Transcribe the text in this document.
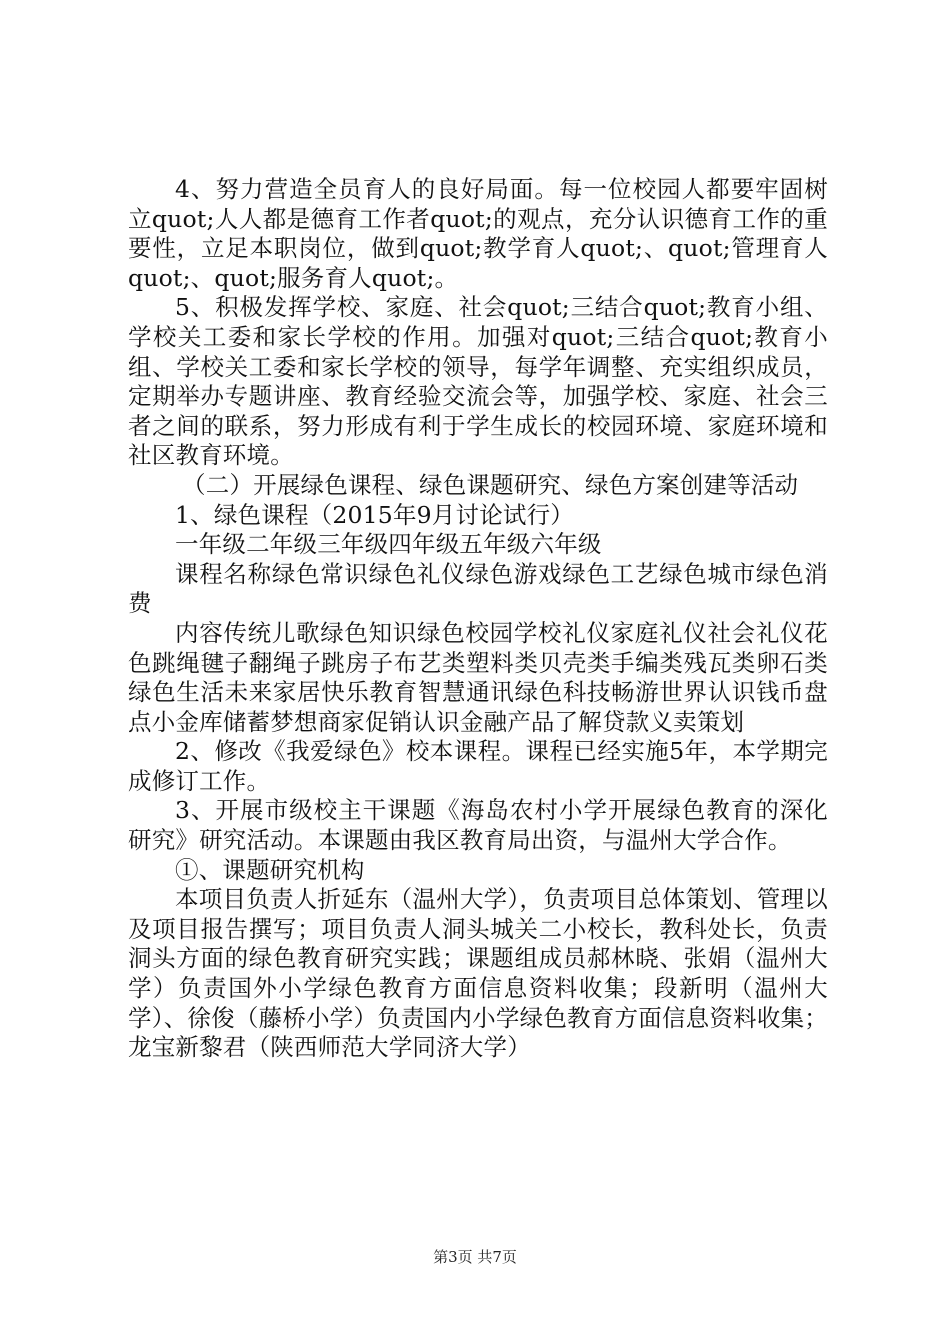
4、努力营造全员育人的良好局面。每一位校园人都要牢固树立quot;人人都是德育工作者quot;的观点，充分认识德育工作的重要性，立足本职岗位，做到quot;教学育人quot;、quot;管理育人quot;、quot;服务育人quot;。

5、积极发挥学校、家庭、社会quot;三结合quot;教育小组、学校关工委和家长学校的作用。加强对quot;三结合quot;教育小组、学校关工委和家长学校的领导，每学年调整、充实组织成员，定期举办专题讲座、教育经验交流会等，加强学校、家庭、社会三者之间的联系，努力形成有利于学生成长的校园环境、家庭环境和社区教育环境。

（二）开展绿色课程、绿色课题研究、绿色方案创建等活动

1、绿色课程（2015年9月讨论试行）

一年级二年级三年级四年级五年级六年级

课程名称绿色常识绿色礼仪绿色游戏绿色工艺绿色城市绿色消费

内容传统儿歌绿色知识绿色校园学校礼仪家庭礼仪社会礼仪花色跳绳毽子翻绳子跳房子布艺类塑料类贝壳类手编类残瓦类卵石类绿色生活未来家居快乐教育智慧通讯绿色科技畅游世界认识钱币盘点小金库储蓄梦想商家促销认识金融产品了解贷款义卖策划

2、修改《我爱绿色》校本课程。课程已经实施5年，本学期完成修订工作。

3、开展市级校主干课题《海岛农村小学开展绿色教育的深化研究》研究活动。本课题由我区教育局出资，与温州大学合作。

①、课题研究机构

本项目负责人折延东（温州大学），负责项目总体策划、管理以及项目报告撰写；项目负责人洞头城关二小校长，教科处长，负责洞头方面的绿色教育研究实践；课题组成员郝林晓、张娟（温州大学）负责国外小学绿色教育方面信息资料收集；段新明（温州大学）、徐俊（藤桥小学）负责国内小学绿色教育方面信息资料收集；龙宝新黎君（陕西师范大学同济大学）

第3页 共7页
